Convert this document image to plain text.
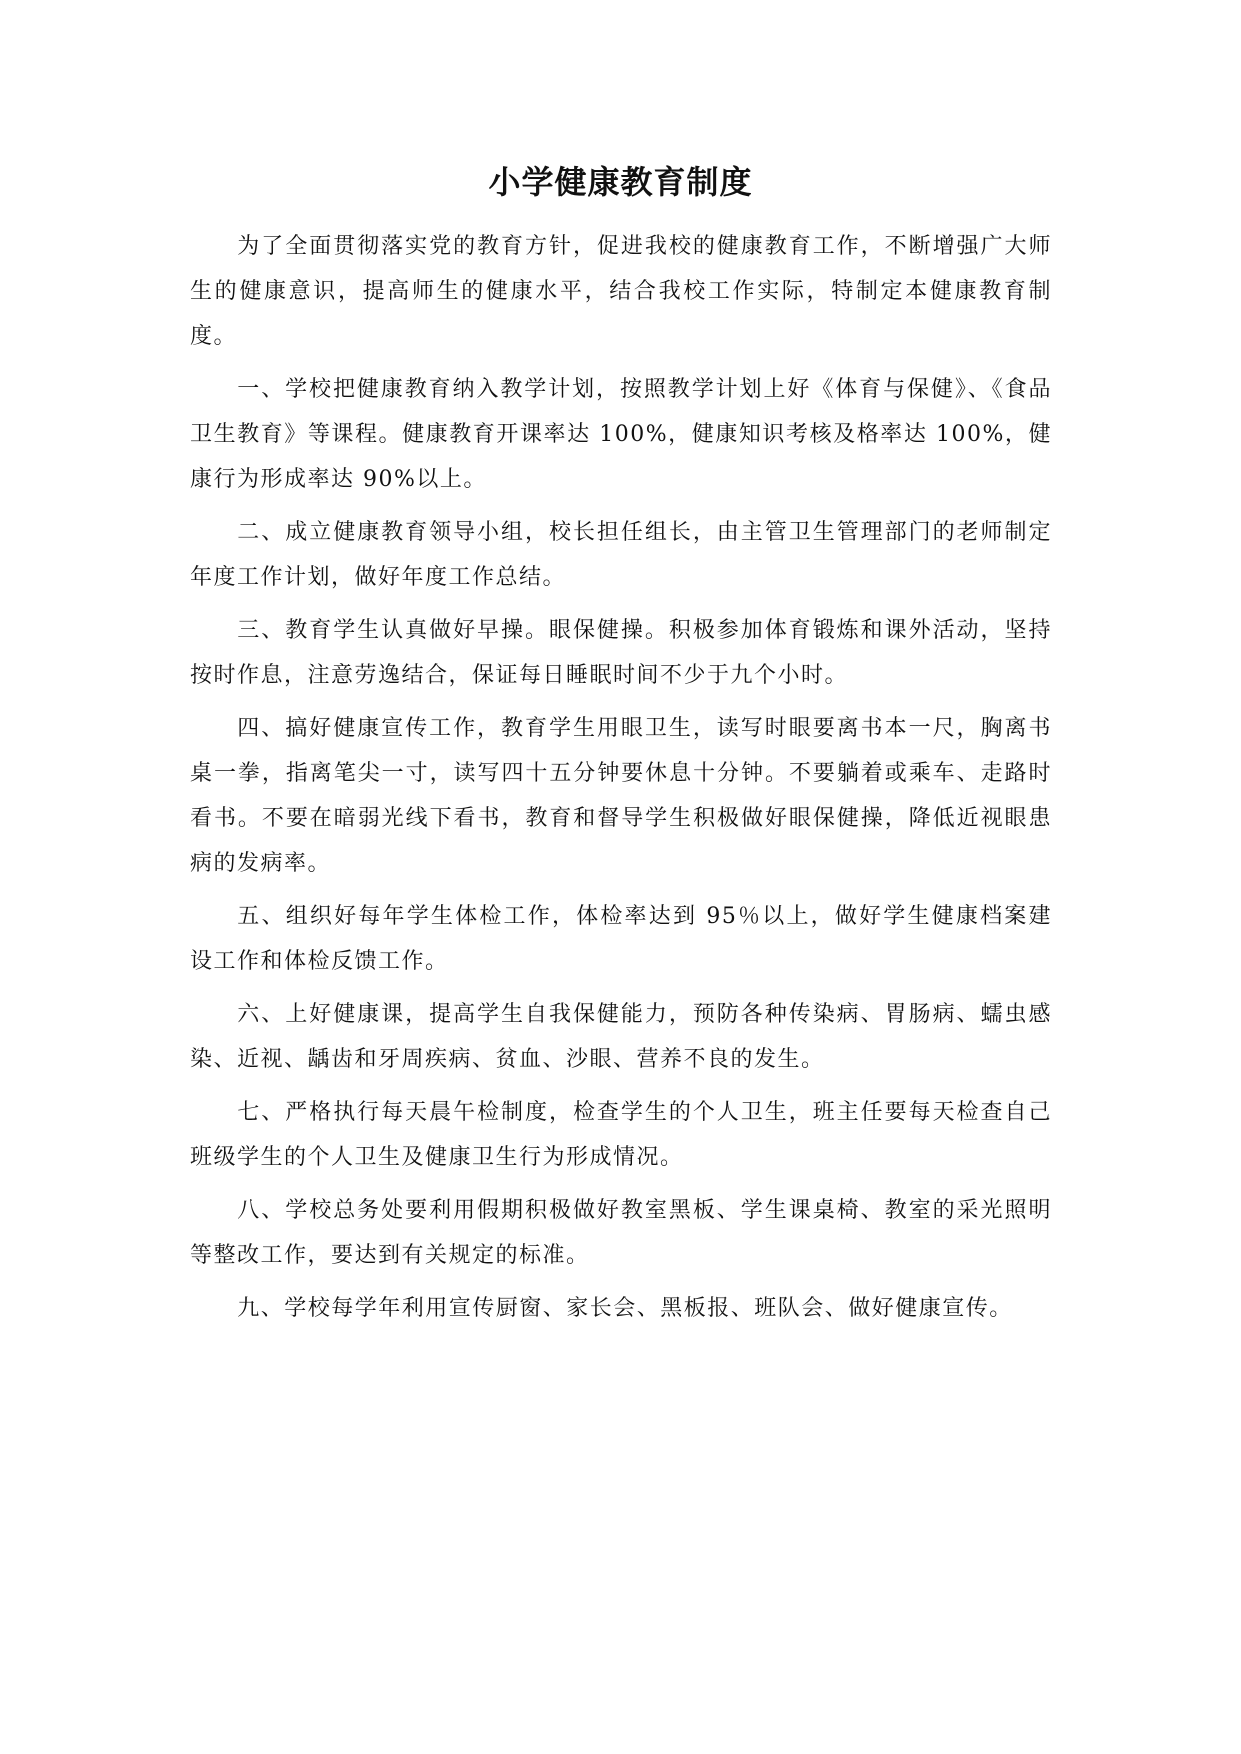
小学健康教育制度

为了全面贯彻落实党的教育方针，促进我校的健康教育工作，不断增强广大师生的健康意识，提高师生的健康水平，结合我校工作实际，特制定本健康教育制度。

一、学校把健康教育纳入教学计划，按照教学计划上好《体育与保健》、《食品卫生教育》等课程。健康教育开课率达 100%，健康知识考核及格率达 100%，健康行为形成率达 90%以上。

二、成立健康教育领导小组，校长担任组长，由主管卫生管理部门的老师制定年度工作计划，做好年度工作总结。

三、教育学生认真做好早操。眼保健操。积极参加体育锻炼和课外活动，坚持按时作息，注意劳逸结合，保证每日睡眠时间不少于九个小时。

四、搞好健康宣传工作，教育学生用眼卫生，读写时眼要离书本一尺，胸离书桌一拳，指离笔尖一寸，读写四十五分钟要休息十分钟。不要躺着或乘车、走路时看书。不要在暗弱光线下看书，教育和督导学生积极做好眼保健操，降低近视眼患病的发病率。

五、组织好每年学生体检工作，体检率达到 95％以上，做好学生健康档案建设工作和体检反馈工作。

六、上好健康课，提高学生自我保健能力，预防各种传染病、胃肠病、蠕虫感染、近视、龋齿和牙周疾病、贫血、沙眼、营养不良的发生。

七、严格执行每天晨午检制度，检查学生的个人卫生，班主任要每天检查自己班级学生的个人卫生及健康卫生行为形成情况。

八、学校总务处要利用假期积极做好教室黑板、学生课桌椅、教室的采光照明等整改工作，要达到有关规定的标准。

九、学校每学年利用宣传厨窗、家长会、黑板报、班队会、做好健康宣传。
